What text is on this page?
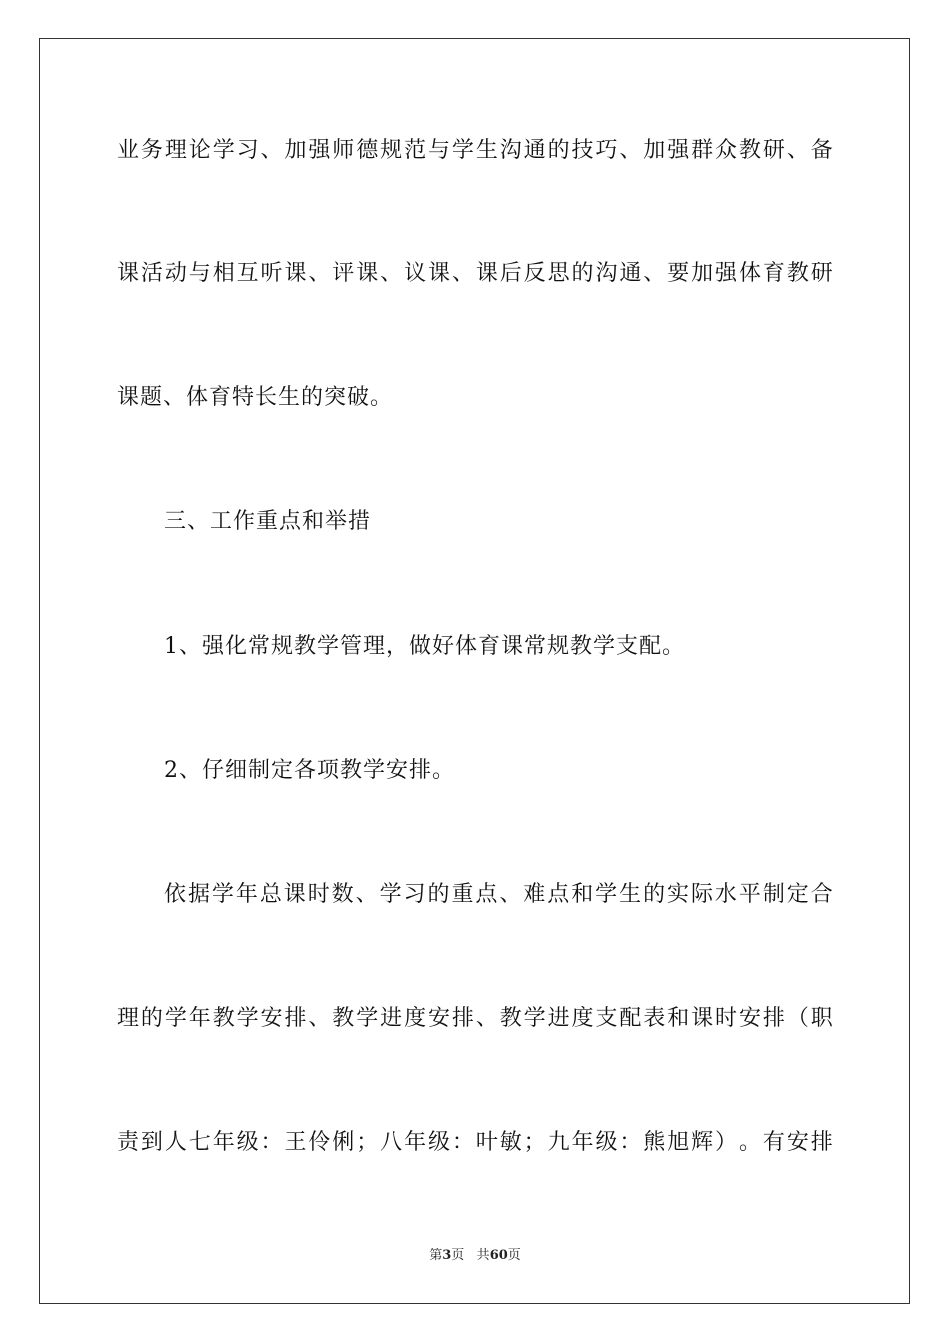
业 务 理 论 学 习 、 加 强 师 德 规 范 与 学 生 沟 通 的 技 巧 、 加 强 群 众 教 研 、 备
课 活 动 与 相 互 听 课 、 评 课 、 议 课 、 课 后 反 思 的 沟 通 、 要 加 强 体 育 教 研
课题、体育特长生的突破。
三、工作重点和举措
1、强化常规教学管理，做好体育课常规教学支配。
2、仔细制定各项教学安排。
依 据 学 年 总 课 时 数 、 学 习 的 重 点 、 难 点 和 学 生 的 实 际 水 平 制 定 合
理 的 学 年 教 学 安 排 、 教 学 进 度 安 排 、 教 学 进 度 支 配 表 和 课 时 安 排 （ 职
责 到 人 七 年 级 ： 王 伶 俐 ； 八 年 级 ： 叶 敏 ； 九 年 级 ： 熊 旭 辉 ） 。 有 安 排
第3页 共60页
